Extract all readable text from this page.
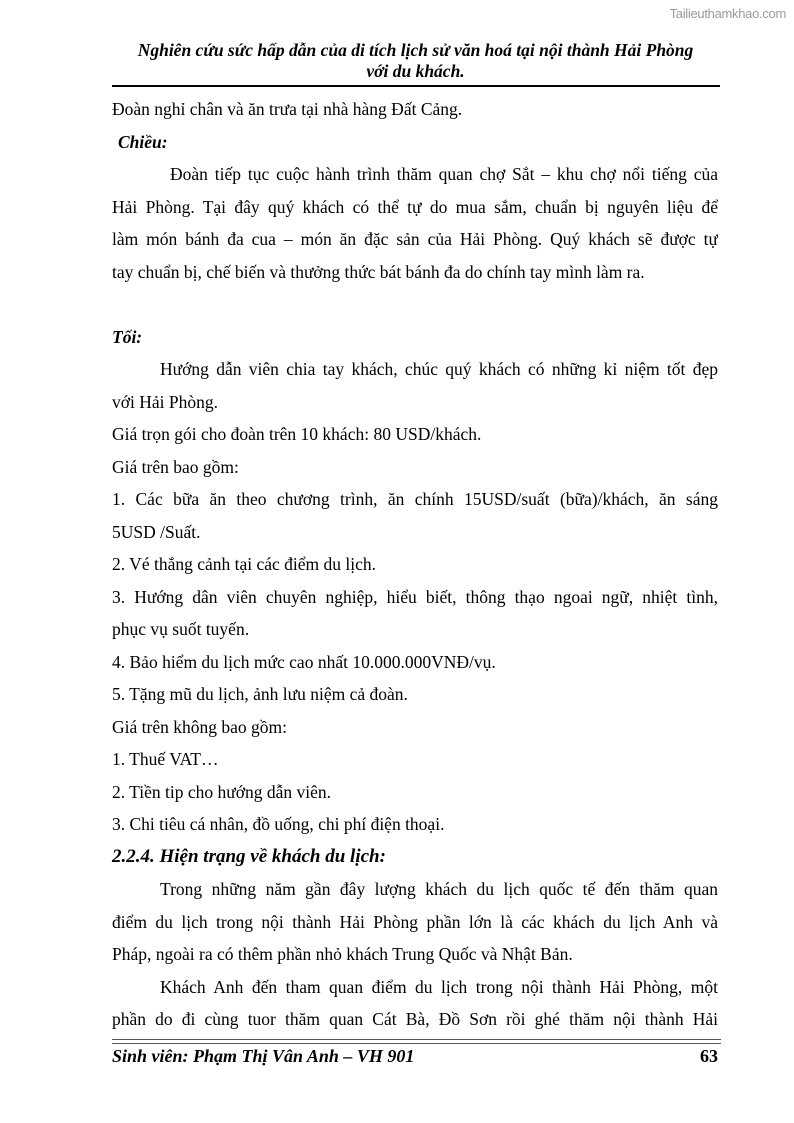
Tailieuthamkhao.com
Nghiên cứu sức hấp dẫn của di tích lịch sử văn hoá tại nội thành Hải Phòng
với du khách.
Đoàn nghỉ chân và ăn trưa tại nhà hàng Đất Cảng.
Chiều:
Đoàn tiếp tục cuộc hành trình thăm quan chợ Sắt – khu chợ nổi tiếng của
Hải Phòng. Tại đây quý khách có thể tự do mua sắm, chuẩn bị nguyên liệu để
làm món bánh đa cua – món ăn đặc sản của Hải Phòng. Quý khách sẽ được tự
tay chuẩn bị, chế biến và thưởng thức bát bánh đa do chính tay mình làm ra.
Tối:
Hướng dẫn viên chia tay khách, chúc quý khách có những kỉ niệm tốt đẹp
với Hải Phòng.
Giá trọn gói cho đoàn trên 10 khách: 80 USD/khách.
Giá trên bao gồm:
1. Các bữa ăn theo chương trình, ăn chính 15USD/suất (bữa)/khách, ăn sáng
5USD /Suất.
2. Vé thắng cảnh tại các điểm du lịch.
3. Hướng dân viên chuyên nghiệp, hiểu biết, thông thạo ngoai ngữ, nhiệt tình,
phục vụ suốt tuyến.
4. Bảo hiểm du lịch mức cao nhất 10.000.000VNĐ/vụ.
5. Tặng mũ du lịch, ảnh lưu niệm cả đoàn.
Giá trên không bao gồm:
1. Thuế VAT…
2. Tiền tip cho hướng dẫn viên.
3. Chi tiêu cá nhân, đồ uống, chi phí điện thoại.
2.2.4. Hiện trạng về khách du lịch:
Trong những năm gần đây lượng khách du lịch quốc tế đến thăm quan
điểm du lịch trong nội thành Hải Phòng phần lớn là các khách du lịch Anh và
Pháp, ngoài ra có thêm phần nhỏ khách Trung Quốc và Nhật Bản.
Khách Anh đến tham quan điểm du lịch trong nội thành Hải Phòng, một
phần do đi cùng tuor thăm quan Cát Bà, Đồ Sơn rồi ghé thăm nội thành Hải
Sinh viên: Phạm Thị Vân Anh – VH 901	63
